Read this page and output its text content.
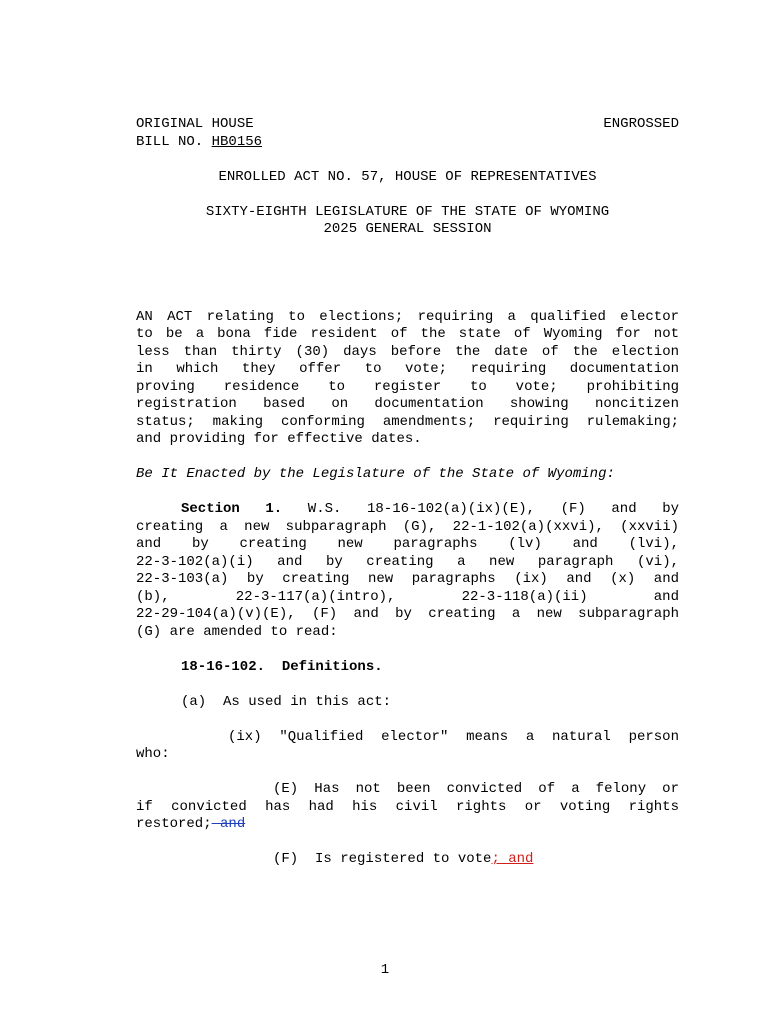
ORIGINAL HOUSE	ENGROSSED
BILL NO. HB0156
ENROLLED ACT NO. 57, HOUSE OF REPRESENTATIVES
SIXTY-EIGHTH LEGISLATURE OF THE STATE OF WYOMING
2025 GENERAL SESSION
AN ACT relating to elections; requiring a qualified elector
to be a bona fide resident of the state of Wyoming for not
less than thirty (30) days before the date of the election
in which they offer to vote; requiring documentation
proving residence to register to vote; prohibiting
registration based on documentation showing noncitizen
status; making conforming amendments; requiring rulemaking;
and providing for effective dates.
Be It Enacted by the Legislature of the State of Wyoming:
Section 1. W.S. 18-16-102(a)(ix)(E), (F) and by
creating a new subparagraph (G), 22-1-102(a)(xxvi), (xxvii)
and by creating new paragraphs (lv) and (lvi),
22-3-102(a)(i) and by creating a new paragraph (vi),
22-3-103(a) by creating new paragraphs (ix) and (x) and
(b), 22-3-117(a)(intro), 22-3-118(a)(ii) and
22-29-104(a)(v)(E), (F) and by creating a new subparagraph
(G) are amended to read:
18-16-102.  Definitions.
(a)  As used in this act:
(ix) "Qualified elector" means a natural person
who:
(E) Has not been convicted of a felony or
if convicted has had his civil rights or voting rights
restored; and
(F)  Is registered to vote; and
1
